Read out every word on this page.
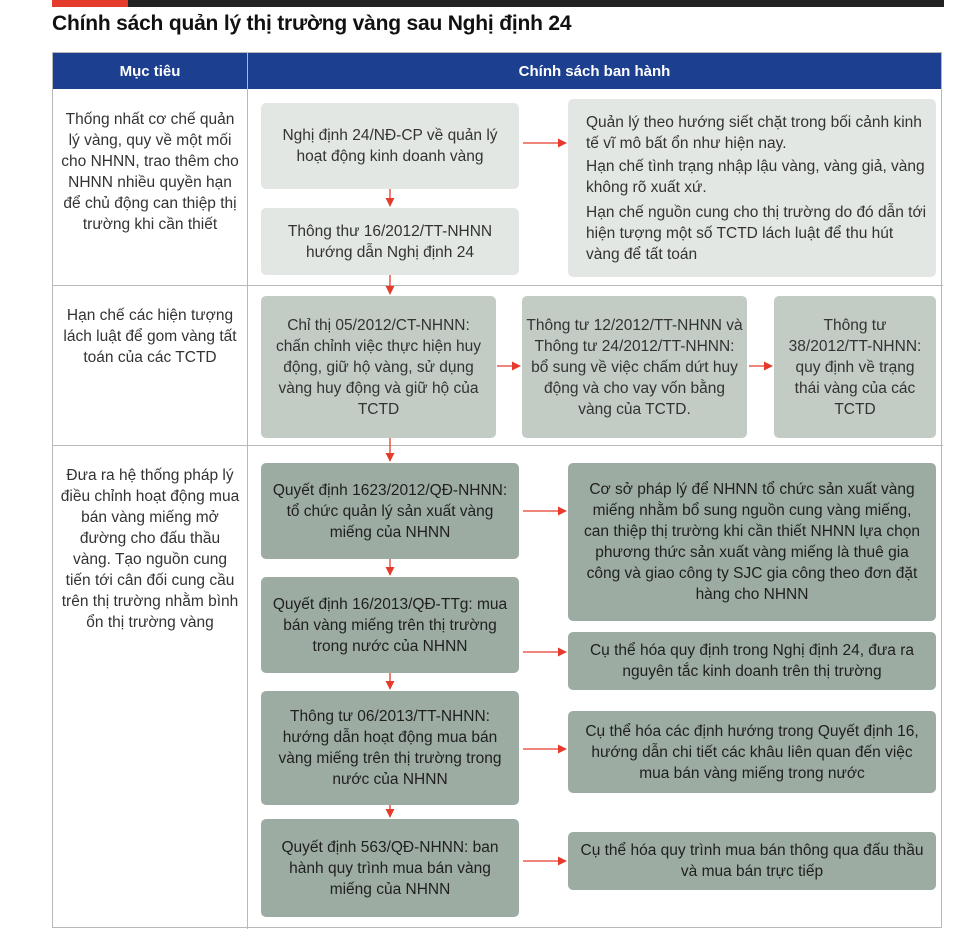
Chính sách quản lý thị trường vàng sau Nghị định 24
Mục tiêu	Chính sách ban hành
Thống nhất cơ chế quản lý vàng, quy về một mối cho NHNN, trao thêm cho NHNN nhiều quyền hạn để chủ động can thiệp thị trường khi cần thiết
Nghị định 24/NĐ-CP về quản lý hoạt động kinh doanh vàng
Thông thư 16/2012/TT-NHNN hướng dẫn Nghị định 24
Quản lý theo hướng siết chặt trong bối cảnh kinh tế vĩ mô bất ổn như hiện nay.
Hạn chế tình trạng nhập lậu vàng, vàng giả, vàng không rõ xuất xứ.
Hạn chế nguồn cung cho thị trường do đó dẫn tới hiện tượng một số TCTD lách luật để thu hút vàng để tất toán
Hạn chế các hiện tượng lách luật để gom vàng tất toán của các TCTD
Chỉ thị 05/2012/CT-NHNN: chấn chỉnh việc thực hiện huy động, giữ hộ vàng, sử dụng vàng huy động và giữ hộ của TCTD
Thông tư 12/2012/TT-NHNN và Thông tư 24/2012/TT-NHNN: bổ sung về việc chấm dứt huy động và cho vay vốn bằng vàng của TCTD.
Thông tư 38/2012/TT-NHNN: quy định về trạng thái vàng của các TCTD
Đưa ra hệ thống pháp lý điều chỉnh hoạt động mua bán vàng miếng mở đường cho đấu thầu vàng. Tạo nguồn cung tiến tới cân đối cung cầu trên thị trường nhằm bình ổn thị trường vàng
Quyết định 1623/2012/QĐ-NHNN: tổ chức quản lý sản xuất vàng miếng của NHNN
Quyết định 16/2013/QĐ-TTg: mua bán vàng miếng trên thị trường trong nước của NHNN
Thông tư 06/2013/TT-NHNN: hướng dẫn hoạt động mua bán vàng miếng trên thị trường trong nước của NHNN
Quyết định 563/QĐ-NHNN: ban hành quy trình mua bán vàng miếng của NHNN
Cơ sở pháp lý để NHNN tổ chức sản xuất vàng miếng nhằm bổ sung nguồn cung vàng miếng, can thiệp thị trường khi cần thiết NHNN lựa chọn phương thức sản xuất vàng miếng là thuê gia công và giao công ty SJC gia công theo đơn đặt hàng cho NHNN
Cụ thể hóa quy định trong Nghị định 24, đưa ra nguyên tắc kinh doanh trên thị trường
Cụ thể hóa các định hướng trong Quyết định 16, hướng dẫn chi tiết các khâu liên quan đến việc mua bán vàng miếng trong nước
Cụ thể hóa quy trình mua bán thông qua đấu thầu và mua bán trực tiếp
